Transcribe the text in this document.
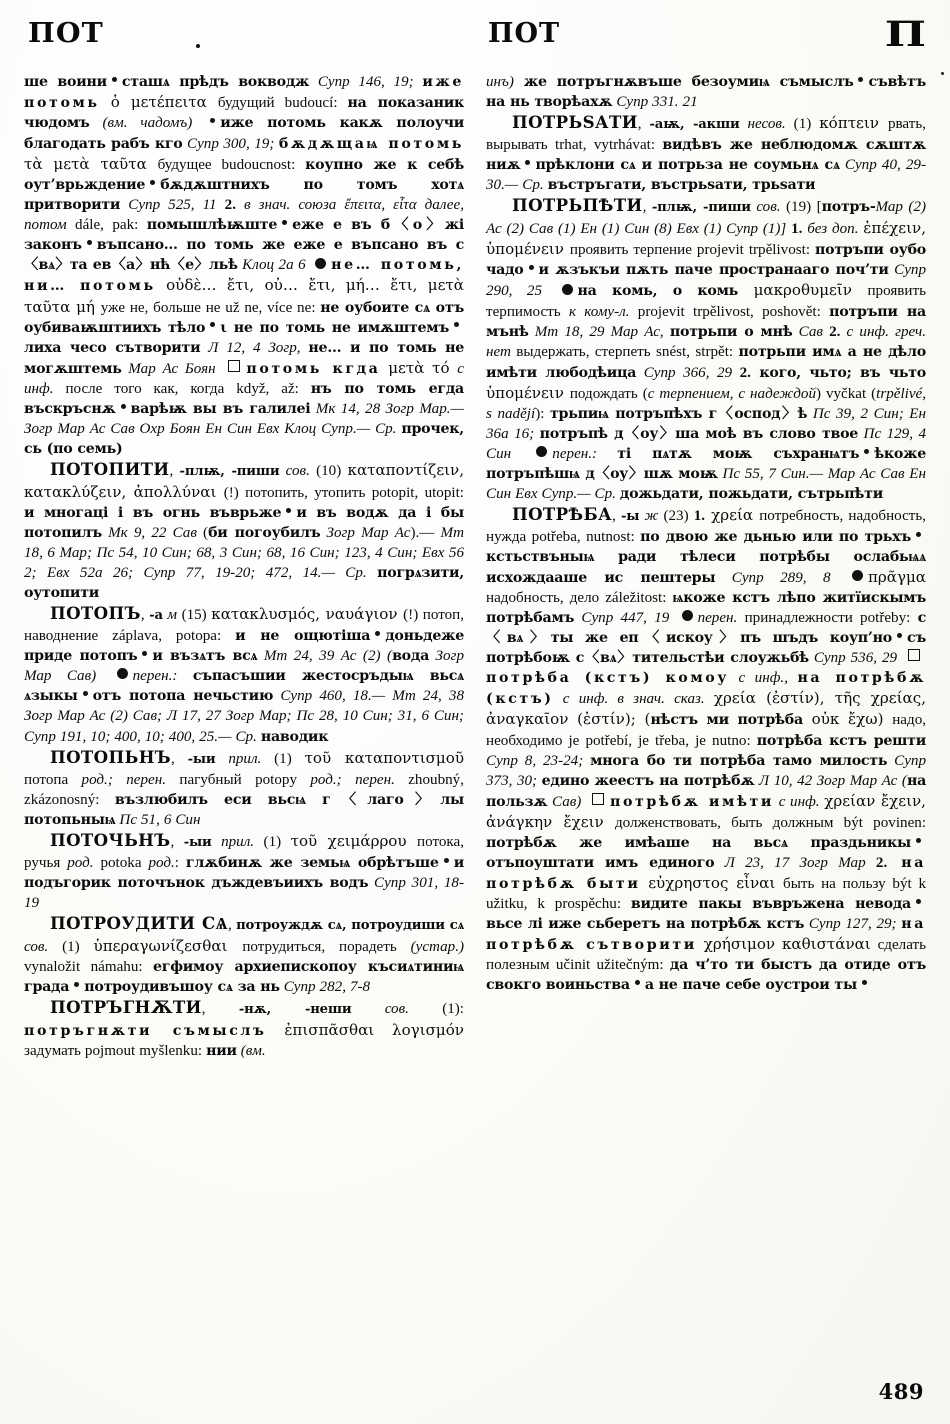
ПОТ	ПОТ	П

ше воини сташѧ прѣдъ вокводж Супр 146, 19; иже потомь ὁ μετέπειτα будущий budoucí: на показаник чюдомъ (вм. чадомъ) иже потомь какѫ полоучи благодать рабъ кго Супр 300, 19; бѫдѫщаѩ потомь τὰ μετὰ ταῦτα будущее budoucnost: коупно же к себѣ оут’врьждение бѫдѫштнихъ по томъ хотѧ притворити Супр 525, 11 2. в знач. союза ἔπειτα, εἶτα далее, потом dále, pak: помышлѣѭште еже е въ б〈о〉жі законъ въпсано… по томь же еже е въпсано въ с〈вѧ〉та ев〈а〉нћ〈е〉льѣ Клоц 2а 6 не… потомь, ни… потомь οὐδὲ… ἔτι, οὐ… ἔτι, μή… ἔτι, μετὰ ταῦτα μή уже не, больше не už ne, více ne: не оубоите сѧ отъ оубиваѭштиихъ тѣло ι не по томь не имѫштемълиха чесо сътворити Л 12, 4 Зогр, не… и по томь не могѫштемь Мар Ас Боян потомь кгда μετὰ τό с инф. после того как, когда když, až: нъ по томь егда въскръснѫ варѣѭ вы въ галилеі Мк 14, 28 Зогр Мар.— Зогр Мар Ас Сав Охр Боян Ен Син Евх Клоц Супр.— Ср. прочек, сь (по семь)

ПОТОПИТИ, -плѭ, -пиши сов. (10) καταποντίζειν, κατακλύζειν, ἀπολλύναι (!) потопить, утопить potopit, utopit: и многаці і въ огнь въврьже и въ водѫ да і бы потопилъ Мк 9, 22 Сав (би погоубилъ Зогр Мар Ас).— Мт 18, 6 Мар; Пс 54, 10 Син; 68, 3 Син; 68, 16 Син; 123, 4 Син; Евх 56 2; Евх 52а 26; Супр 77, 19-20; 472, 14.— Ср. погрѧзити, оутопити

ПОТОПЪ, -а м (15) κατακλυσμός, ναυάγιον (!) потоп, наводнение záplava, potopa: и не ощютіша доньдеже приде потопъ и възѧтъ всѧ Мт 24, 39 Ас (2) (вода Зогр Мар Сав) перен.: съпасъшии жестосръдыѩ вьсѧ ѧзыкы отъ потопа нечьстию Супр 460, 18.— Мт 24, 38 Зогр Мар Ас (2) Сав; Л 17, 27 Зогр Мар; Пс 28, 10 Син; 31, 6 Син; Супр 191, 10; 400, 10; 400, 25.— Ср. наводик

ПОТОПЬНЪ, -ыи прил. (1) τοῦ καταποντισμοῦ потопа род.; перен. пагубный potopy род.; перен. zhoubný, zkázonosný: възлюбилъ еси вьсѩ г〈лаго〉лы потопьныѩ Пс 51, 6 Син

ПОТОЧЬНЪ, -ыи прил. (1) τοῦ χειμάρρου потока, ручья род. potoka род.: глѫбинѫ же земьѩ обрѣтъше и подъгорик поточънок дъждевъиихъ водъ Супр 301, 18-19

ПОТРОУДИТИ СѦ, потроуждѫ сѧ, потроудиши сѧ сов. (1) ὑπεραγωνίζεσθαι потрудиться, порадеть (устар.) vynaložit námahu: егфимоу архиепископоу късиѧтиниѩ града потроудивъшоу сѧ за нь Супр 282, 7-8

ПОТРЪГНѪТИ, -нѫ, -неши сов. (1): потръгнѫти съмыслъ ἐπισπᾶσθαι λογισμόν задумать pojmout myšlenku: нии (вм.

инъ) же потръгнѫвъше безоумиѩ съмыслъ съвѣтъ на нь творѣахѫ Супр 331. 21

ПОТРЬЅАТИ, -аѭ, -акши несов. (1) κόπτειν рвать, вырывать trhat, vytrhávat: видѣвъ же неблюдомѫ сѫштѫ ниѫ прѣклони сѧ и потрьза не соумьнѧ сѧ Супр 40, 29-30.— Ср. въстръгати, въстрьѕати, трьѕати

ПОТРЬПѢТИ, -плѭ, -пиши сов. (19) [потръ-Мар (2) Ас (2) Сав (1) Ен (1) Син (8) Евх (1) Супр (1)] 1. без доп. ἐπέχειν, ὑπομένειν проявить терпение projevit trpělivost: потръпи оубо чадо и ѫзъкъи пѫть паче пространааго поч’ти Супр 290, 25 на комь, о комь μακροθυμεῖν проявить терпимость к кому-л. projevit trpělivost, poshovět: потръпи на мънѣ Мт 18, 29 Мар Ас, потрьпи о мнѣ Сав 2. с инф. греч. нет выдержать, стерпеть snést, strpět: потрьпи имѧ а не дѣло имѣти любодѣица Супр 366, 29 2. кого, чьто; въ чьто ὑπομένειν подождать (с терпением, с надеждой) vyčkat (trpělivé, s nadějí): трьпиѩ потръпѣхъ г〈оспод〉ѣ Пс 39, 2 Син; Ен 36а 16; потръпѣ д〈оу〉ша моѣ въ слово твое Пс 129, 4 Син перен.: ті пѧтѫ моѭ съхранѩтъ ѣкоже потръпѣшѩ д〈оу〉шѫ моѭ Пс 55, 7 Син.— Мар Ас Сав Ен Син Евх Супр.— Ср. дожьдати, пожьдати, сътрьпѣти

ПОТРѢБА, -ы ж (23) 1. χρεία потребность, надобность, нужда potřeba, nutnost: по двою же дьнью или по трьхъкстьствъныѩ ради тѣлеси потрѣбы ослабьѩѧ исхождааше ис пештеры Супр 289, 8 πρᾶγμα надобность, дело záležitost: ѩкоже кстъ лѣпо житїискымъ потрѣбамъ Супр 447, 19 перен. принадлежности potřeby: с〈вѧ〉ты же еп〈искоу〉пъ шъдъ коуп’но съ потрѣбоѭ с〈вѧ〉тительстѣи слоужьбѣ Супр 536, 29 потрѣба (кстъ) комоу с инф., на потрѣбѫ (кстъ) с инф. в знач. сказ. χρεία (ἐστίν), τῆς χρείας, ἀναγκαῖον (ἐστίν); (нѣстъ ми потрѣба οὐκ ἔχω) надо, необходимо je potřebí, je třeba, je nutno: потрѣба кстъ решти Супр 8, 23-24; многа бо ти потрѣба тамо милость Супр 373, 30; едино жеестъ на потрѣбѫ Л 10, 42 Зогр Мар Ас (на пользѫ Сав) потрѣбѫ имѣти с инф. χρείαν ἔχειν, ἀνάγκην ἔχειν долженствовать, быть должным být povinen: потрѣбѫ же имѣаше на вьсѧ праздьникыотъпоуштати имъ единого Л 23, 17 Зогр Мар 2. на потрѣбѫ быти εὐχρηστος εἶναι быть на пользу být k užitku, k prospěchu: видите пакы въвръжена неводавьсе лі иже сьберетъ на потрѣбѫ кстъ Супр 127, 29; на потрѣбѫ сътворити χρήσιμον καθιστάναι сделать полезным učinit užitečným: да ч’то ти быстъ да отиде отъ свокго воиньства а не паче себе оустрои ты

489
